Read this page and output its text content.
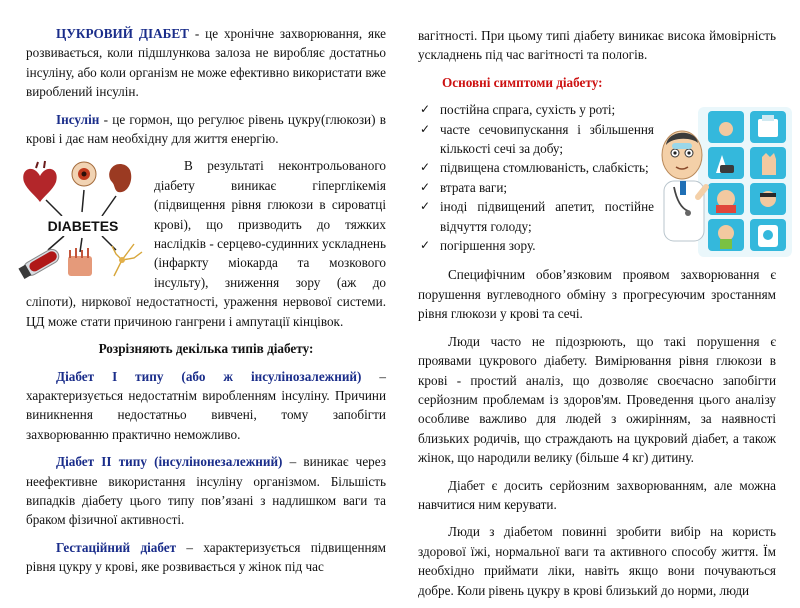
ЦУКРОВИЙ ДІАБЕТ - це хронічне захворювання, яке розвивається, коли підшлункова залоза не виробляє достатньо інсуліну, або коли організм не може ефективно використати вже вироблений інсулін.

Інсулін - це гормон, що регулює рівень цукру(глюкози) в крові і дає нам необхідну для життя енергію.

DIABETES

В результаті неконтрольованого діабету виникає гіперглікемія (підвищення рівня глюкози в сироватці крові), що призводить до тяжких наслідків - серцево-судинних ускладнень (інфаркту міокарда та мозкового інсульту), зниження зору (аж до сліпоти), ниркової недостатності, ураження нервової системи. ЦД може стати причиною гангрени і ампутації кінцівок.

Розрізняють декілька типів діабету:

Діабет І типу (або ж інсулінозалежний) – характеризується недостатнім виробленням інсуліну. Причини виникнення недостатньо вивчені, тому запобігти захворюванню практично неможливо.

Діабет ІІ типу (інсулінонезалежний) – виникає через неефективне використання інсуліну організмом. Більшість випадків діабету цього типу пов’язані з надлишком ваги та браком фізичної активності.

Гестаційний діабет – характеризується підвищенням рівня цукру у крові, яке розвивається у жінок під час

вагітності. При цьому типі діабету виникає висока ймовірність ускладнень під час вагітності та пологів.

Основні симптоми діабету:

✓ постійна спрага, сухість у роті;
✓ часте сечовипускання і збільшення кількості сечі за добу;
✓ підвищена стомлюваність, слабкість;
✓ втрата ваги;
✓ іноді підвищений апетит, постійне відчуття голоду;
✓ погіршення зору.

Специфічним обов’язковим проявом захворювання є порушення вуглеводного обміну з прогресуючим зростанням рівня глюкози у крові та сечі.

Люди часто не підозрюють, що такі порушення є проявами цукрового діабету. Вимірювання рівня глюкози в крові - простий аналіз, що дозволяє своєчасно запобігти серйозним проблемам із здоров'ям. Проведення цього аналізу особливе важливо для людей з ожирінням, за наявності близьких родичів, що страждають на цукровий діабет, а також жінок, що народили велику (більше 4 кг) дитину.

Діабет є досить серйозним захворюванням, але можна навчитися ним керувати.

Люди з діабетом повинні зробити вибір на користь здорової їжі, нормальної ваги та активного способу життя. Їм необхідно приймати ліки, навіть якщо вони почуваються добре. Коли рівень цукру в крові близький до норми, люди
